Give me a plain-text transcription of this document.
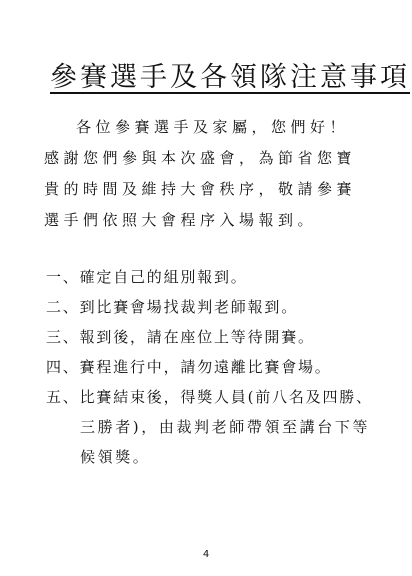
參賽選手及各領隊注意事項
各位參賽選手及家屬，您們好！
感謝您們參與本次盛會，為節省您寶
貴的時間及維持大會秩序，敬請參賽
選手們依照大會程序入場報到。
一、確定自己的組別報到。
二、到比賽會場找裁判老師報到。
三、報到後，請在座位上等待開賽。
四、賽程進行中，請勿遠離比賽會場。
五、比賽結束後，得獎人員(前八名及四勝、
三勝者)，由裁判老師帶領至講台下等
候領獎。
4
